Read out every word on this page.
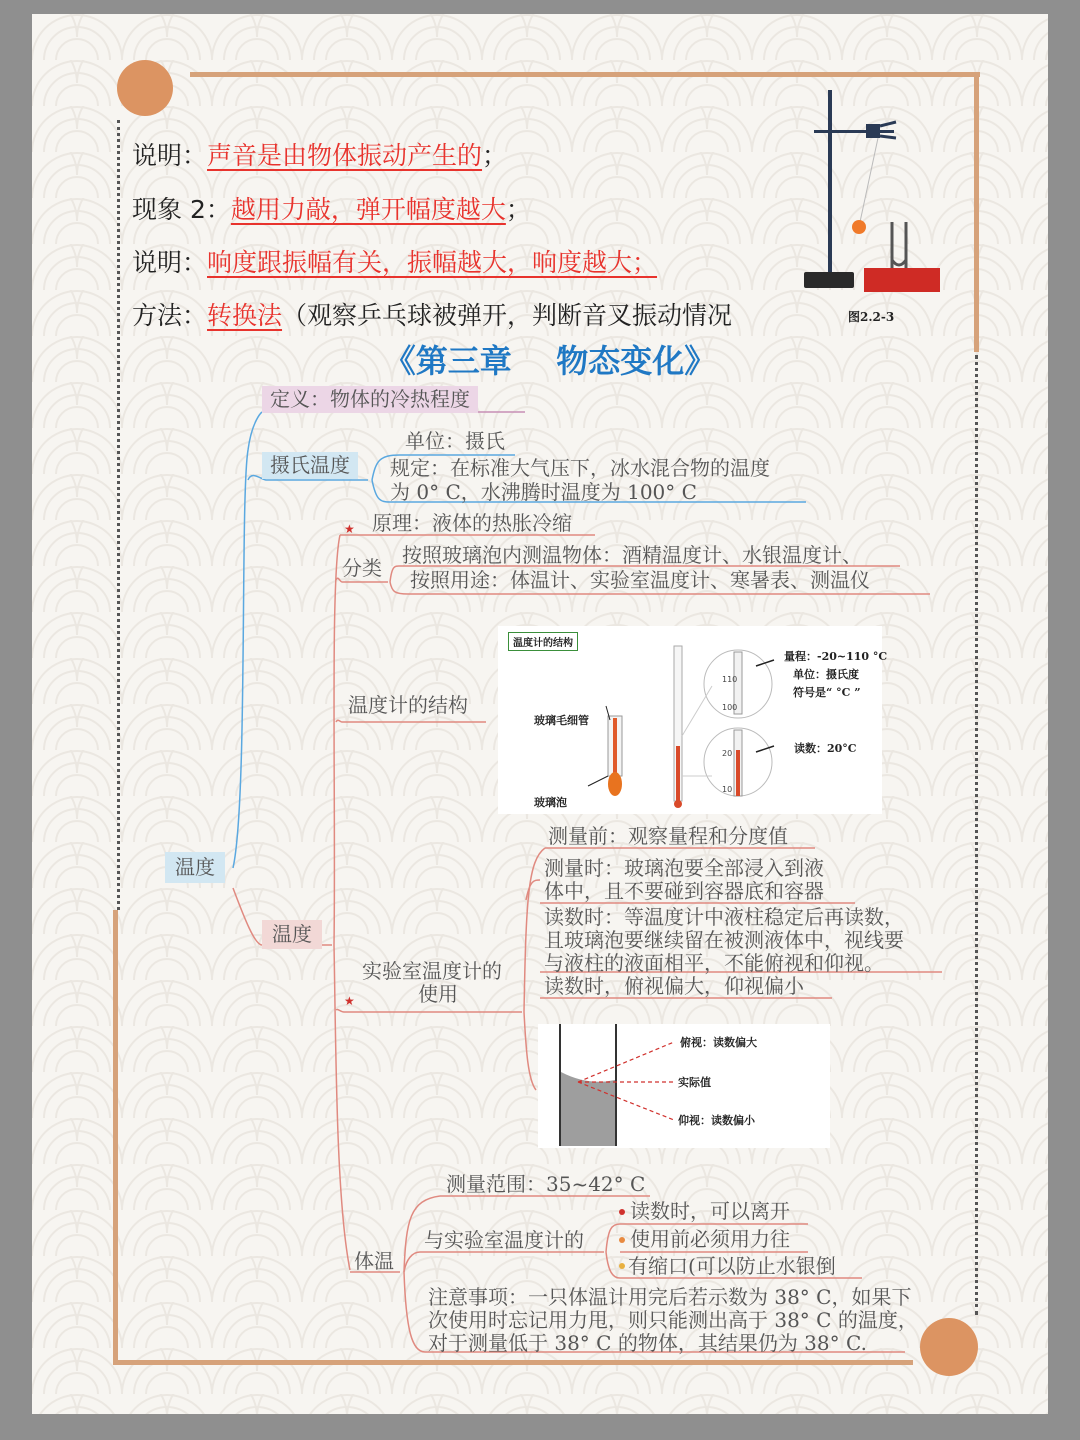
说明：声音是由物体振动产生的；
现象 2：越用力敲，弹开幅度越大；
说明：响度跟振幅有关，振幅越大，响度越大；
方法：转换法（观察乒乓球被弹开，判断音叉振动情况	图2.2-3
《第三章    物态变化》
温度
定义：物体的冷热程度
摄氏温度
单位：摄氏
规定：在标准大气压下，冰水混合物的温度
为 0° C，水沸腾时温度为 100° C
温度
★ 原理：液体的热胀冷缩
分类
按照玻璃泡内测温物体：酒精温度计、水银温度计、
按照用途：体温计、实验室温度计、寒暑表、测温仪
温度计的结构
温度计的结构
110
100
20
10
量程：-20~110 °C
单位：摄氏度
符号是“ °C ”
玻璃毛细管
玻璃泡
读数：20°C
★
实验室温度计的
使用
测量前：观察量程和分度值
测量时：玻璃泡要全部浸入到液
体中，且不要碰到容器底和容器
读数时：等温度计中液柱稳定后再读数，
且玻璃泡要继续留在被测液体中，视线要
与液柱的液面相平，不能俯视和仰视。
读数时，俯视偏大，仰视偏小
俯视：读数偏大
实际值
仰视：读数偏小
体温
测量范围：35~42° C
与实验室温度计的
读数时，可以离开
使用前必须用力往
有缩口(可以防止水银倒
注意事项：一只体温计用完后若示数为 38° C，如果下
次使用时忘记用力甩，则只能测出高于 38° C 的温度，
对于测量低于 38° C 的物体，其结果仍为 38° C.
